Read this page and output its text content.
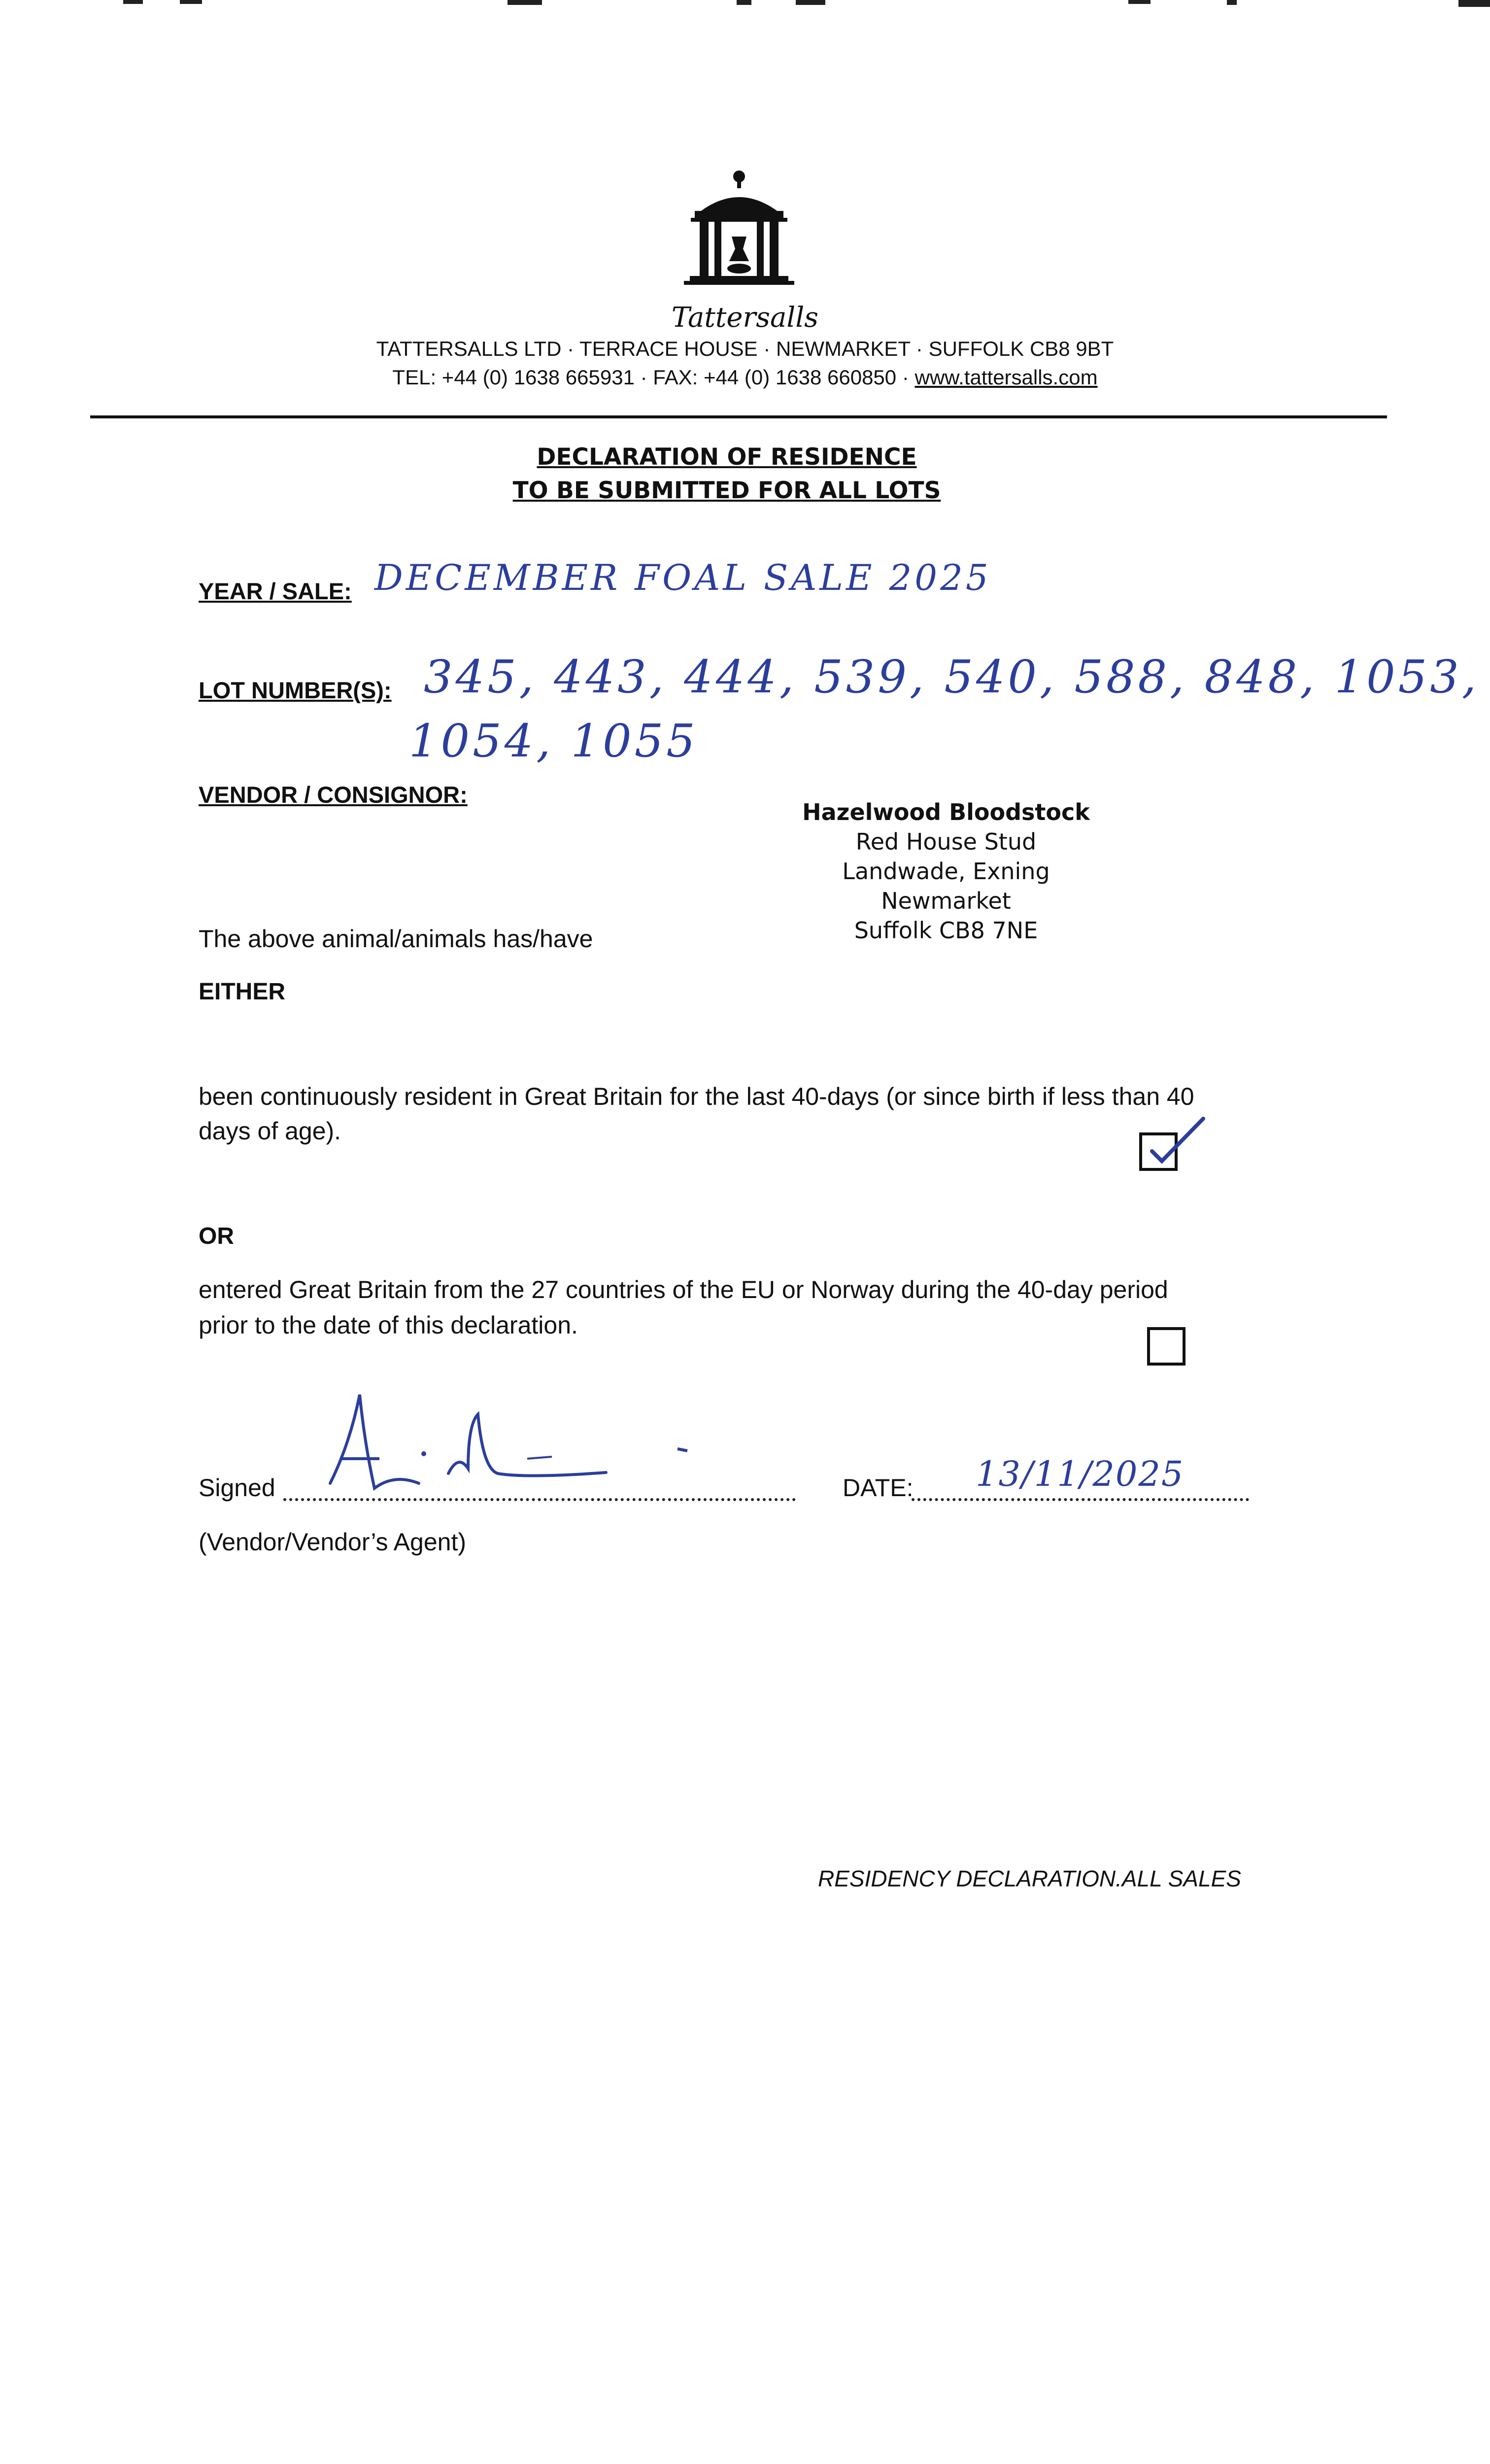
Tattersalls
TATTERSALLS LTD · TERRACE HOUSE · NEWMARKET · SUFFOLK CB8 9BT
TEL: +44 (0) 1638 665931 · FAX: +44 (0) 1638 660850 · www.tattersalls.com
DECLARATION OF RESIDENCE
TO BE SUBMITTED FOR ALL LOTS
YEAR / SALE: DECEMBER FOAL SALE 2025
LOT NUMBER(S): 345, 443, 444, 539, 540, 588, 848, 1053,
1054, 1055
VENDOR / CONSIGNOR:
Hazelwood Bloodstock
Red House Stud
Landwade, Exning
Newmarket
Suffolk CB8 7NE
The above animal/animals has/have
EITHER
been continuously resident in Great Britain for the last 40-days (or since birth if less than 40
days of age).
OR
entered Great Britain from the 27 countries of the EU or Norway during the 40-day period
prior to the date of this declaration.
Signed	DATE: 13/11/2025
(Vendor/Vendor’s Agent)
RESIDENCY DECLARATION.ALL SALES
